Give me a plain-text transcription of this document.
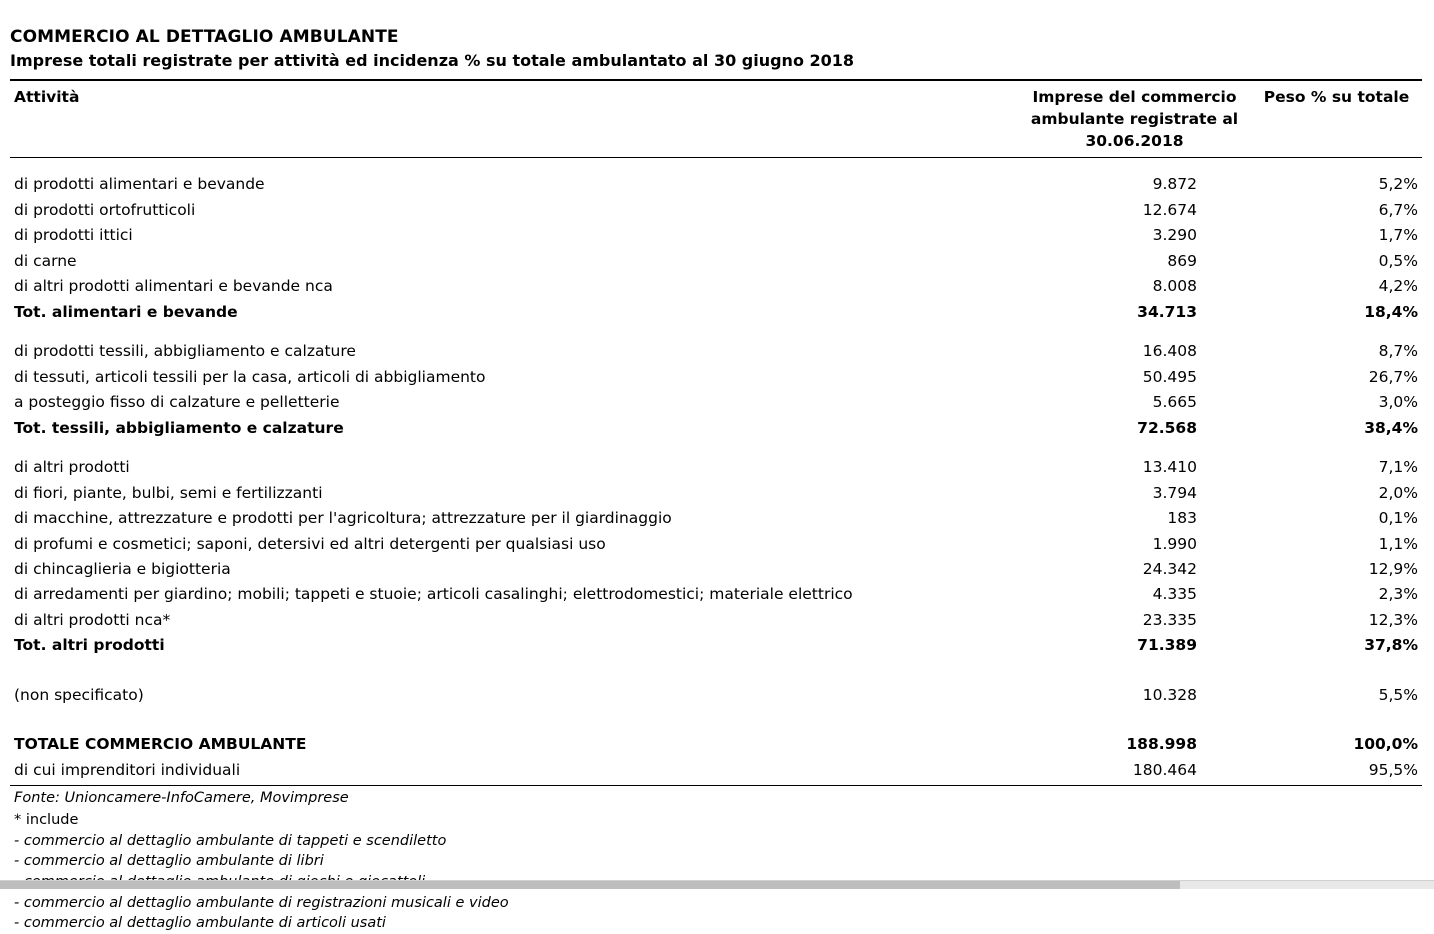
COMMERCIO AL DETTAGLIO AMBULANTE
Imprese totali registrate per attività ed incidenza % su totale ambulantato al 30 giugno 2018
Attività	Imprese del commercio ambulante registrate al 30.06.2018	Peso % su totale

di prodotti alimentari e bevande	9.872	5,2%
di prodotti ortofrutticoli	12.674	6,7%
di prodotti ittici	3.290	1,7%
di carne	869	0,5%
di altri prodotti alimentari e bevande nca	8.008	4,2%
Tot. alimentari e bevande	34.713	18,4%

di prodotti tessili, abbigliamento e calzature	16.408	8,7%
di tessuti, articoli tessili per la casa, articoli di abbigliamento	50.495	26,7%
a posteggio fisso di calzature e pelletterie	5.665	3,0%
Tot. tessili, abbigliamento e calzature	72.568	38,4%

di altri prodotti	13.410	7,1%
di fiori, piante, bulbi, semi e fertilizzanti	3.794	2,0%
di macchine, attrezzature e prodotti per l'agricoltura; attrezzature per il giardinaggio	183	0,1%
di profumi e cosmetici; saponi, detersivi ed altri detergenti per qualsiasi uso	1.990	1,1%
di chincaglieria e bigiotteria	24.342	12,9%
di arredamenti per giardino; mobili; tappeti e stuoie; articoli casalinghi; elettrodomestici; materiale elettrico	4.335	2,3%
di altri prodotti nca*	23.335	12,3%
Tot. altri prodotti	71.389	37,8%

(non specificato)	10.328	5,5%

TOTALE COMMERCIO AMBULANTE	188.998	100,0%
di cui imprenditori individuali	180.464	95,5%
Fonte: Unioncamere-InfoCamere, Movimprese
* include
- commercio al dettaglio ambulante di tappeti e scendiletto
- commercio al dettaglio ambulante di libri
- commercio al dettaglio ambulante di registrazioni musicali e video
- commercio al dettaglio ambulante di articoli usati
